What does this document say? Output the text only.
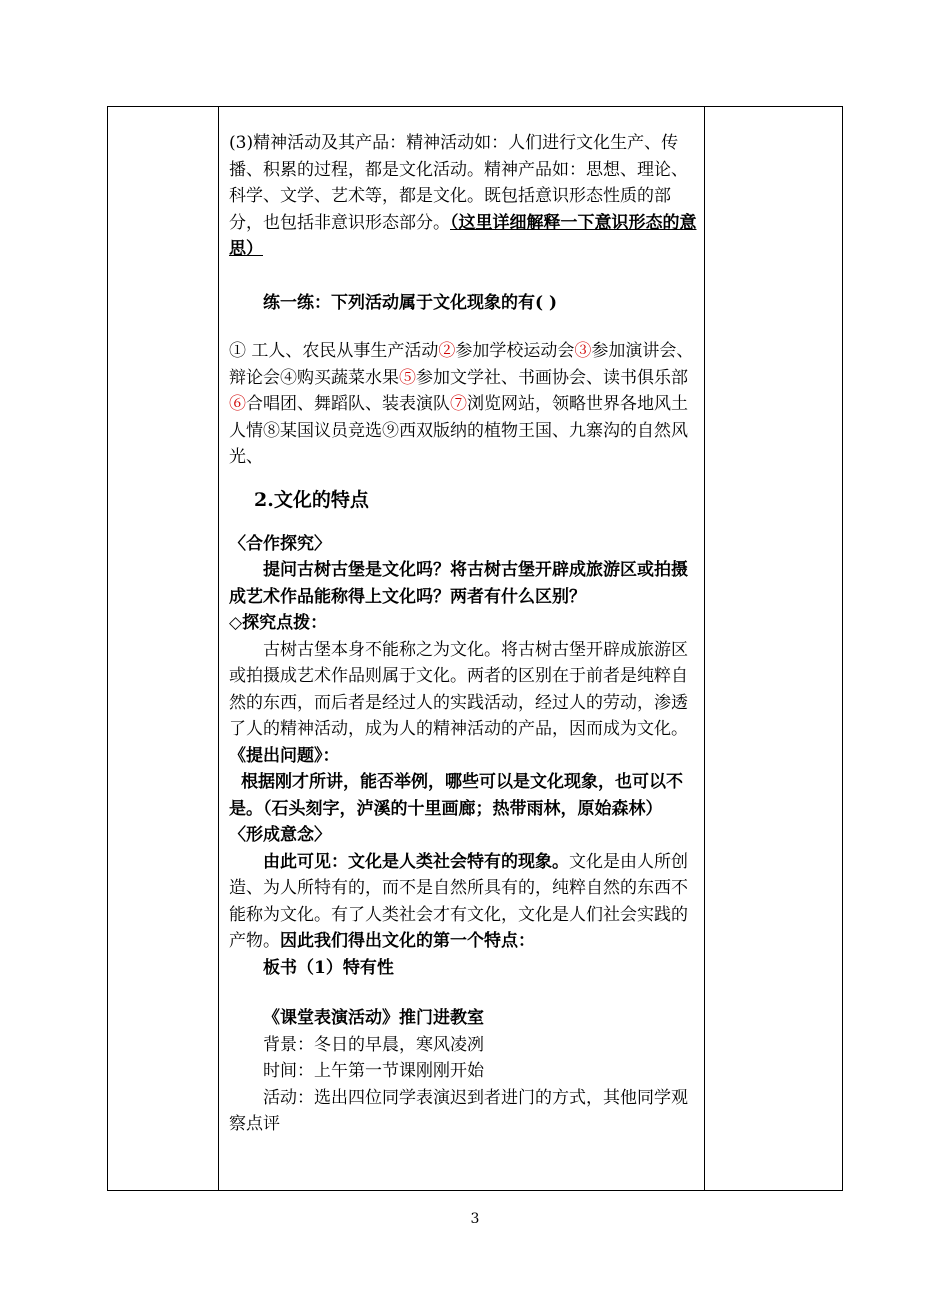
(3)精神活动及其产品：精神活动如：人们进行文化生产、传播、积累的过程，都是文化活动。精神产品如：思想、理论、科学、文学、艺术等，都是文化。既包括意识形态性质的部分，也包括非意识形态部分。（这里详细解释一下意识形态的意思）

练一练：下列活动属于文化现象的有( )

① 工人、农民从事生产活动②参加学校运动会③参加演讲会、辩论会④购买蔬菜水果⑤参加文学社、书画协会、读书俱乐部⑥合唱团、舞蹈队、装表演队⑦浏览网站，领略世界各地风土人情⑧某国议员竞选⑨西双版纳的植物王国、九寨沟的自然风光、

2.文化的特点

〈合作探究〉

提问古树古堡是文化吗？将古树古堡开辟成旅游区或拍摄成艺术作品能称得上文化吗？两者有什么区别？

◇探究点拨：

古树古堡本身不能称之为文化。将古树古堡开辟成旅游区或拍摄成艺术作品则属于文化。两者的区别在于前者是纯粹自然的东西，而后者是经过人的实践活动，经过人的劳动，渗透了人的精神活动，成为人的精神活动的产品，因而成为文化。

《提出问题》：

根据刚才所讲，能否举例，哪些可以是文化现象，也可以不是。（石头刻字，泸溪的十里画廊；热带雨林，原始森林）

〈形成意念〉

由此可见：文化是人类社会特有的现象。文化是由人所创造、为人所特有的，而不是自然所具有的，纯粹自然的东西不能称为文化。有了人类社会才有文化，文化是人们社会实践的产物。因此我们得出文化的第一个特点：

板书（1）特有性

《课堂表演活动》推门进教室

背景：冬日的早晨，寒风凌冽

时间：上午第一节课刚刚开始

活动：选出四位同学表演迟到者进门的方式，其他同学观察点评

3
